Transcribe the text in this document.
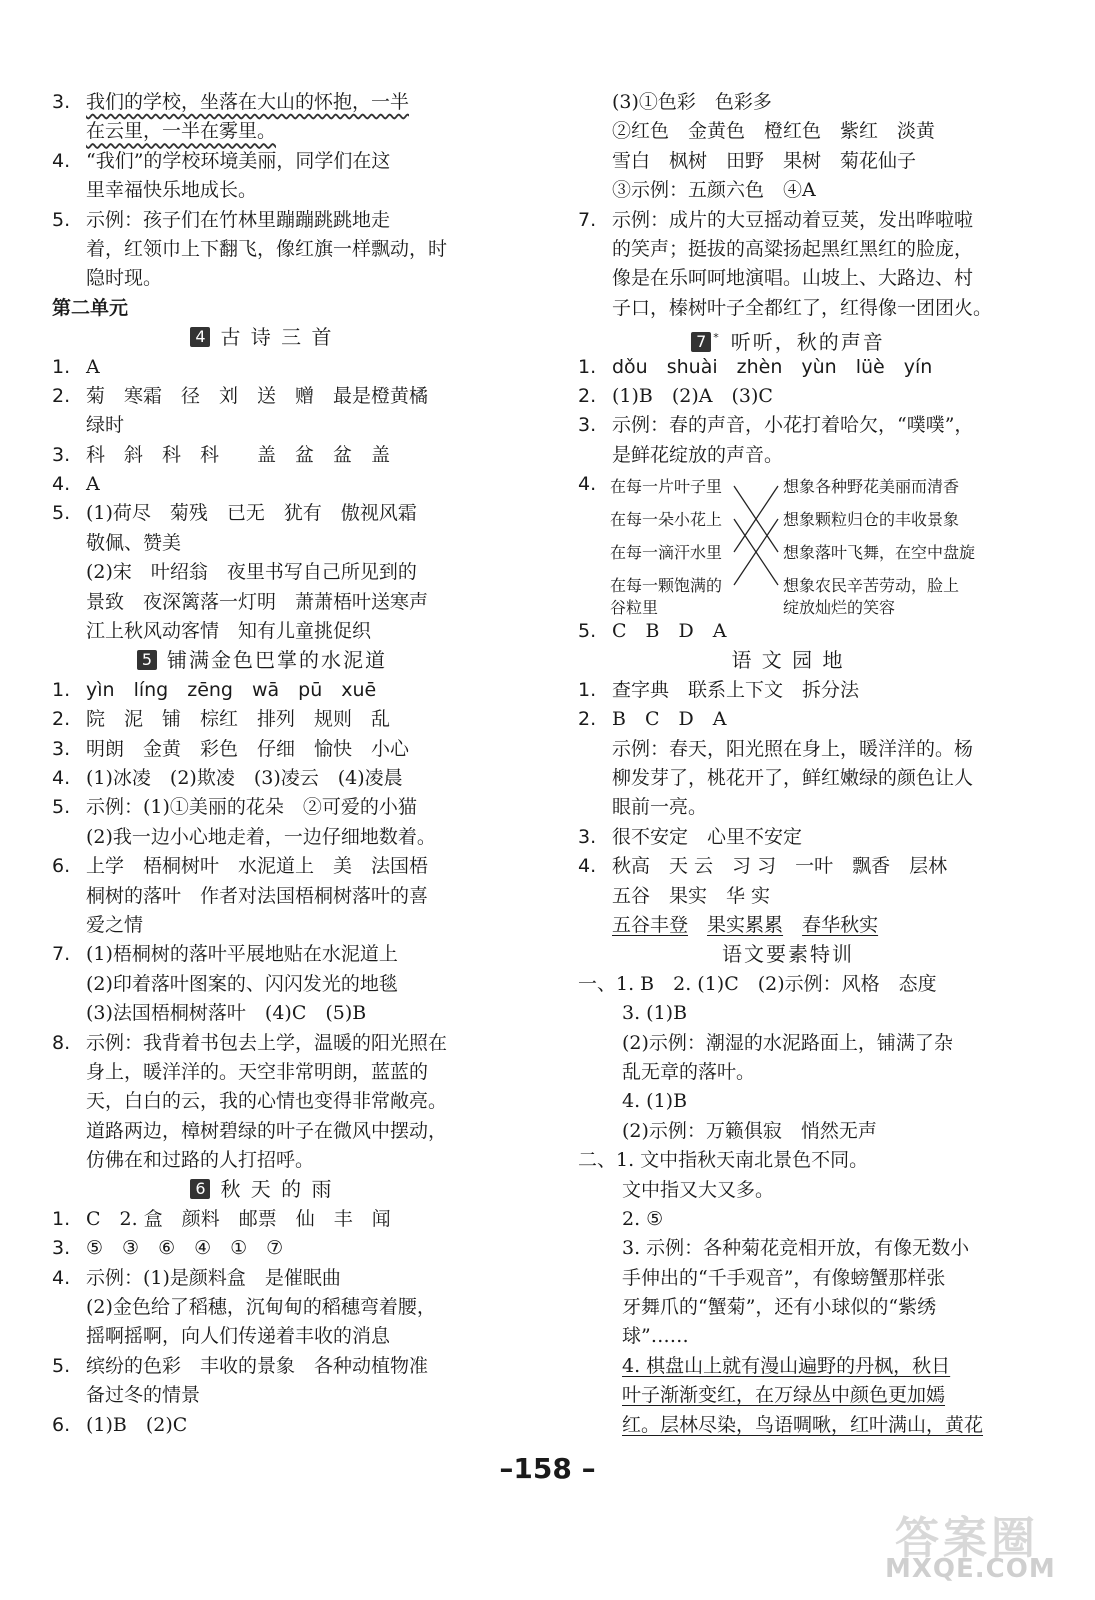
3. 我们的学校，坐落在大山的怀抱，一半
在云里，一半在雾里。
4. “我们”的学校环境美丽，同学们在这
里幸福快乐地成长。
5. 示例：孩子们在竹林里蹦蹦跳跳地走
着，红领巾上下翻飞，像红旗一样飘动，时
隐时现。
第二单元
4 古 诗 三 首
1. A
2. 菊　寒霜　径　刘　送　赠　最是橙黄橘
绿时
3. 科　斜　科　科　　盖　盆　盆　盖
4. A
5. (1)荷尽　菊残　已无　犹有　傲视风霜
敬佩、赞美
(2)宋　叶绍翁　夜里书写自己所见到的
景致　夜深篱落一灯明　萧萧梧叶送寒声
江上秋风动客情　知有儿童挑促织
5 铺满金色巴掌的水泥道
1. yìn　líng　zēng　wā　pū　xuē
2. 院　泥　铺　棕红　排列　规则　乱
3. 明朗　金黄　彩色　仔细　愉快　小心
4. (1)冰凌　(2)欺凌　(3)凌云　(4)凌晨
5. 示例：(1)①美丽的花朵　②可爱的小猫
(2)我一边小心地走着，一边仔细地数着。
6. 上学　梧桐树叶　水泥道上　美　法国梧
桐树的落叶　作者对法国梧桐树落叶的喜
爱之情
7. (1)梧桐树的落叶平展地贴在水泥道上
(2)印着落叶图案的、闪闪发光的地毯
(3)法国梧桐树落叶　(4)C　(5)B
8. 示例：我背着书包去上学，温暖的阳光照在
身上，暖洋洋的。天空非常明朗，蓝蓝的
天，白白的云，我的心情也变得非常敞亮。
道路两边，樟树碧绿的叶子在微风中摆动，
仿佛在和过路的人打招呼。
6 秋 天 的 雨
1. C　2. 盒　颜料　邮票　仙　丰　闻
3. ⑤　③　⑥　④　①　⑦
4. 示例：(1)是颜料盒　是催眠曲
(2)金色给了稻穗，沉甸甸的稻穗弯着腰，
摇啊摇啊，向人们传递着丰收的消息
5. 缤纷的色彩　丰收的景象　各种动植物准
备过冬的情景
6. (1)B　(2)C
(3)①色彩　色彩多
②红色　金黄色　橙红色　紫红　淡黄
雪白　枫树　田野　果树　菊花仙子
③示例：五颜六色　④A
7. 示例：成片的大豆摇动着豆荚，发出哗啦啦
的笑声；挺拔的高粱扬起黑红黑红的脸庞，
像是在乐呵呵地演唱。山坡上、大路边、村
子口，榛树叶子全都红了，红得像一团团火。
7 * 听听，秋的声音
1. dǒu　shuài　zhèn　yùn　lüè　yín
2. (1)B　(2)A　(3)C
3. 示例：春的声音，小花打着哈欠，“噗噗”，
是鲜花绽放的声音。
4. 在每一片叶子里
在每一朵小花上
在每一滴汗水里
在每一颗饱满的
谷粒里
想象各种野花美丽而清香
想象颗粒归仓的丰收景象
想象落叶飞舞，在空中盘旋
想象农民辛苦劳动，脸上
绽放灿烂的笑容
5. C　B　D　A
语 文 园 地
1. 查字典　联系上下文　拆分法
2. B　C　D　A
示例：春天，阳光照在身上，暖洋洋的。杨
柳发芽了，桃花开了，鲜红嫩绿的颜色让人
眼前一亮。
3. 很不安定　心里不安定
4. 秋高　天 云　习 习　一叶　飘香　层林
五谷　果实　华 实
五谷丰登　 果实累累　 春华秋实
语文要素特训
一、1. B　2. (1)C　(2)示例：风格　态度
3. (1)B
(2)示例：潮湿的水泥路面上，铺满了杂
乱无章的落叶。
4. (1)B
(2)示例：万籁俱寂　悄然无声
二、1. 文中指秋天南北景色不同。
文中指又大又多。
2. ⑤
3. 示例：各种菊花竞相开放，有像无数小
手伸出的“千手观音”，有像螃蟹那样张
牙舞爪的“蟹菊”，还有小球似的“紫绣
球”……
4. 棋盘山上就有漫山遍野的丹枫，秋日
叶子渐渐变红，在万绿丛中颜色更加嫣
红。层林尽染，鸟语啁啾，红叶满山，黄花
–158 –
答案圈
MXQE.COM
